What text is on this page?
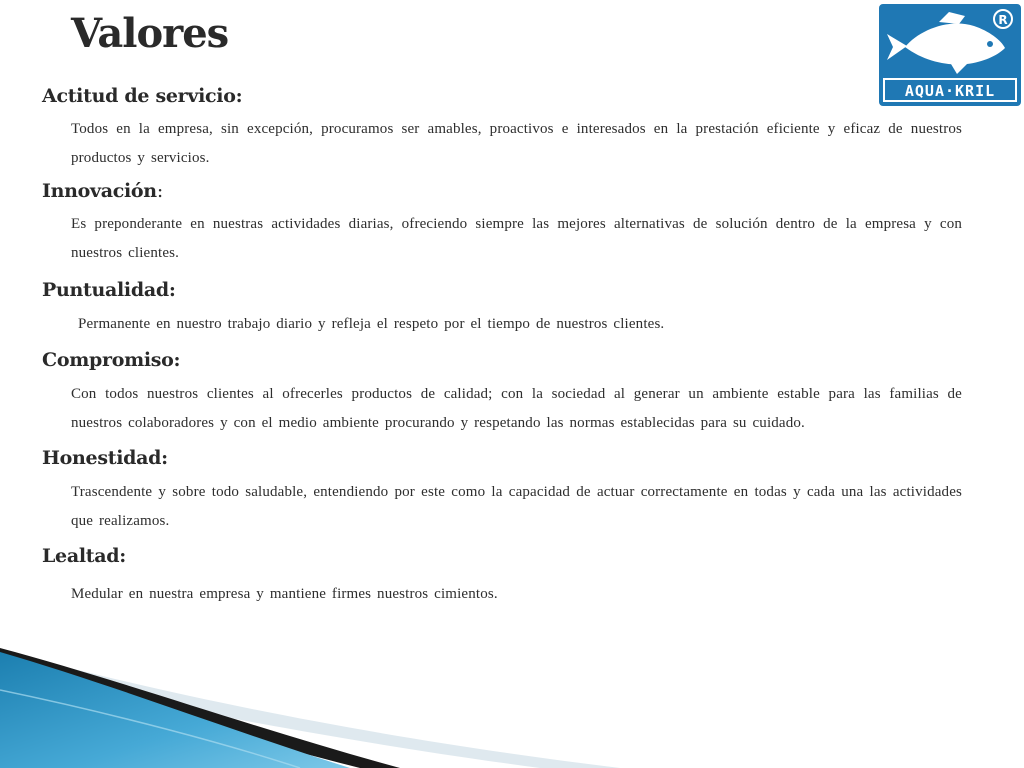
Valores	R
AQUA·KRIL

Actitud de servicio:

Todos en la empresa, sin excepción, procuramos ser amables, proactivos e interesados en la prestación eficiente y eficaz de nuestros productos y servicios.

Innovación:

Es preponderante en nuestras actividades diarias, ofreciendo siempre las mejores alternativas de solución dentro de la empresa y con nuestros clientes.

Puntualidad:

Permanente en nuestro trabajo diario y refleja el respeto por el tiempo de nuestros clientes.

Compromiso:

Con todos nuestros clientes al ofrecerles productos de calidad; con la sociedad al generar un ambiente estable para las familias de nuestros colaboradores y con el medio ambiente procurando y respetando las normas establecidas para su cuidado.

Honestidad:

Trascendente y sobre todo saludable, entendiendo por este como la capacidad de actuar correctamente en todas y cada una las actividades que realizamos.

Lealtad:

Medular en nuestra empresa y mantiene firmes nuestros cimientos.
